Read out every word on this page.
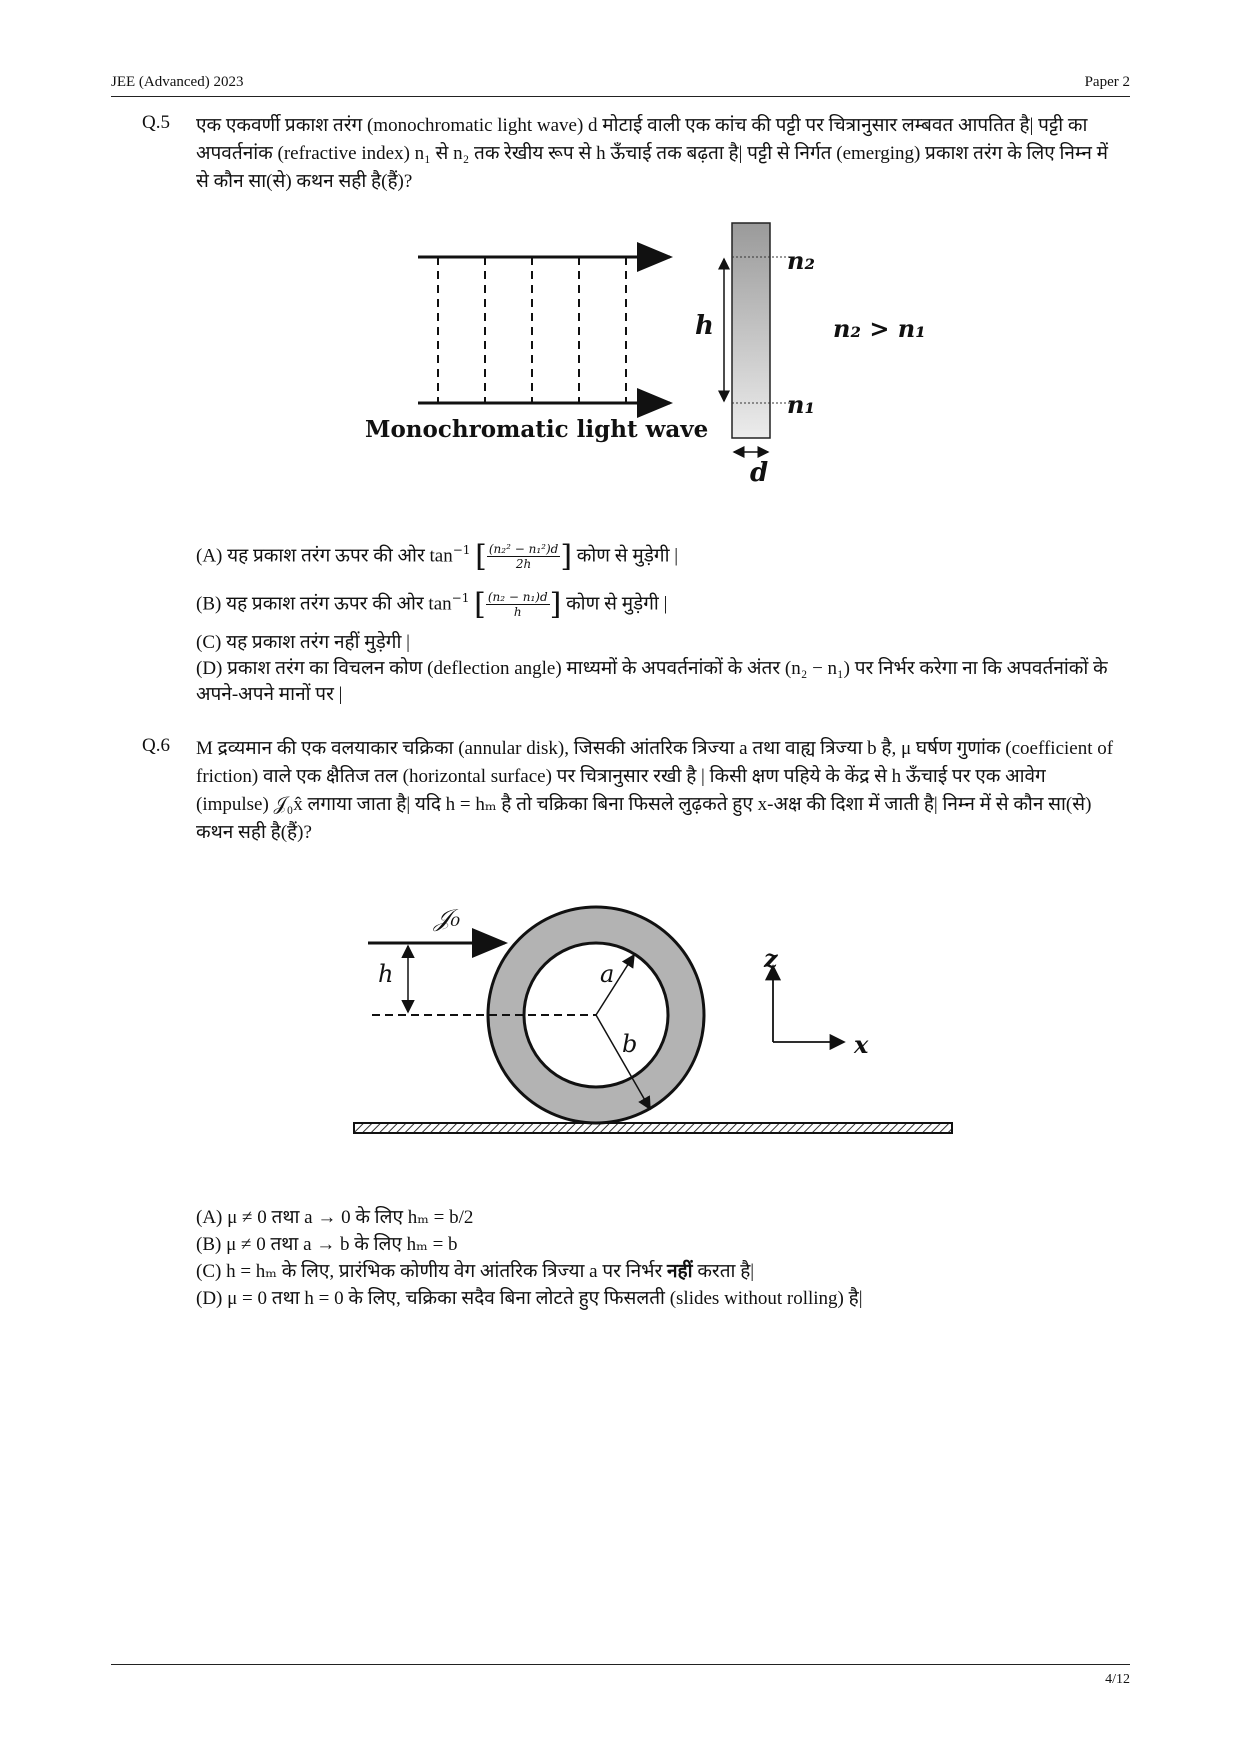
JEE (Advanced) 2023	Paper 2
Q.5 एक एकवर्णी प्रकाश तरंग (monochromatic light wave) d मोटाई वाली एक कांच की पट्टी पर चित्रानुसार लम्बवत आपतित है| पट्टी का अपवर्तनांक (refractive index) n₁ से n₂ तक रेखीय रूप से h ऊँचाई तक बढ़ता है| पट्टी से निर्गत (emerging) प्रकाश तरंग के लिए निम्न में से कौन सा(से) कथन सही है(हैं)?
n₂
n₂ > n₁
h
n₁
Monochromatic light wave
d
(A) यह प्रकाश तरंग ऊपर की ओर $\tan^{-1}$ [ $\frac{\text{(n₂² − n₁²)d}}{2h}$ ] कोण से मुड़ेगी |
(B) यह प्रकाश तरंग ऊपर की ओर $\tan^{-1}$ [ $\frac{\text{(n₂ − n₁)d}}{h}$ ] कोण से मुड़ेगी |
(C) यह प्रकाश तरंग नहीं मुड़ेगी |
(D) प्रकाश तरंग का विचलन कोण (deflection angle) माध्यमों के अपवर्तनांकों के अंतर (n₂ − n₁) पर निर्भर करेगा ना कि अपवर्तनांकों के अपने-अपने मानों पर |
Q.6 M द्रव्यमान की एक वलयाकार चक्रिका (annular disk), जिसकी आंतरिक त्रिज्या a तथा वाह्य त्रिज्या b है, μ घर्षण गुणांक (coefficient of friction) वाले एक क्षैतिज तल (horizontal surface) पर चित्रानुसार रखी है | किसी क्षण पहिये के केंद्र से h ऊँचाई पर एक आवेग (impulse) 𝒥₀x̂ लगाया जाता है| यदि h = hₘ है तो चक्रिका बिना फिसले लुढ़कते हुए x-अक्ष की दिशा में जाती है| निम्न में से कौन सा(से) कथन सही है(हैं)?
𝒥₀
h	a
b
z
x
(A) μ ≠ 0 तथा a → 0 के लिए hₘ = b/2
(B) μ ≠ 0 तथा a → b के लिए hₘ = b
(C) h = hₘ के लिए, प्रारंभिक कोणीय वेग आंतरिक त्रिज्या a पर निर्भर नहीं करता है|
(D) μ = 0 तथा h = 0 के लिए, चक्रिका सदैव बिना लोटते हुए फिसलती (slides without rolling) है|
4/12
